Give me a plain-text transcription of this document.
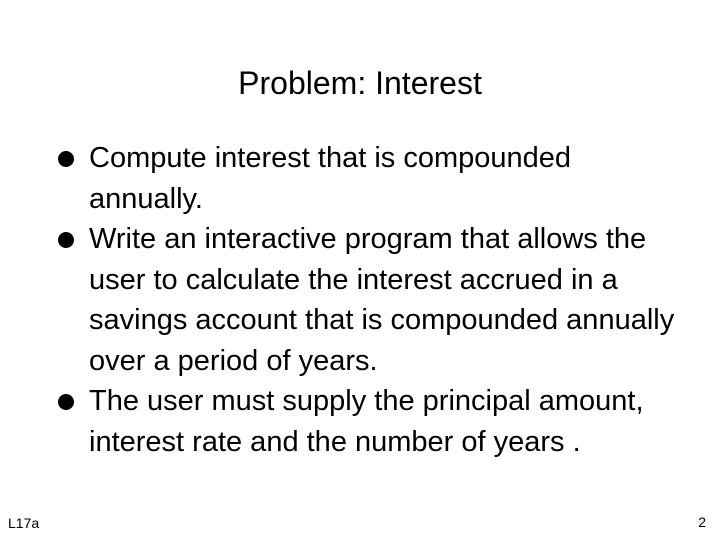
Problem: Interest
Compute interest that is compounded annually.
Write an interactive program that allows the user to calculate the interest accrued in a savings account that is compounded annually over a period of years.
The user must supply the principal amount, interest rate and the number of years .
L17a	2
